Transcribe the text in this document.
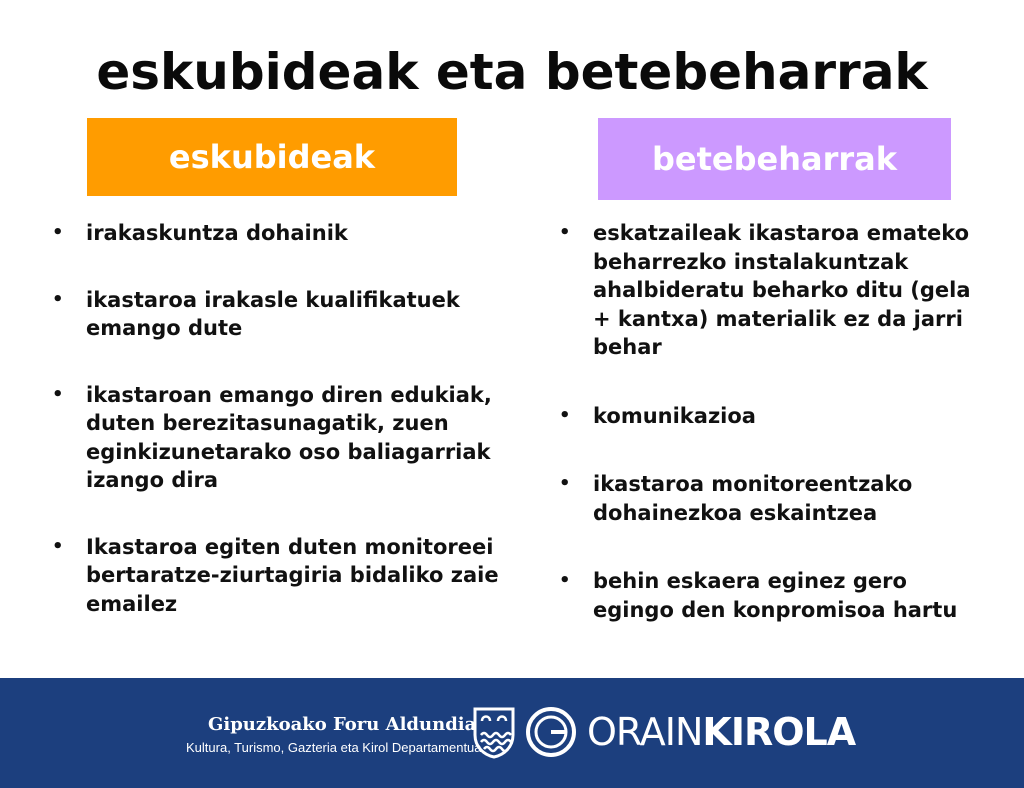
eskubideak eta betebeharrak
eskubideak	betebeharrak
• irakaskuntza dohainik
• ikastaroa irakasle kualifikatuek emango dute
• ikastaroan emango diren edukiak, duten berezitasunagatik, zuen eginkizunetarako oso baliagarriak izango dira
• Ikastaroa egiten duten monitoreei bertaratze-ziurtagiria bidaliko zaie emailez
• eskatzaileak ikastaroa emateko beharrezko instalakuntzak ahalbideratu beharko ditu (gela + kantxa) materialik ez da jarri behar
• komunikazioa
• ikastaroa monitoreentzako dohainezkoa eskaintzea
• behin eskaera eginez gero egingo den konpromisoa hartu
Gipuzkoako Foru Aldundia
Kultura, Turismo, Gazteria eta Kirol Departamentua	ORAINKIROLA
